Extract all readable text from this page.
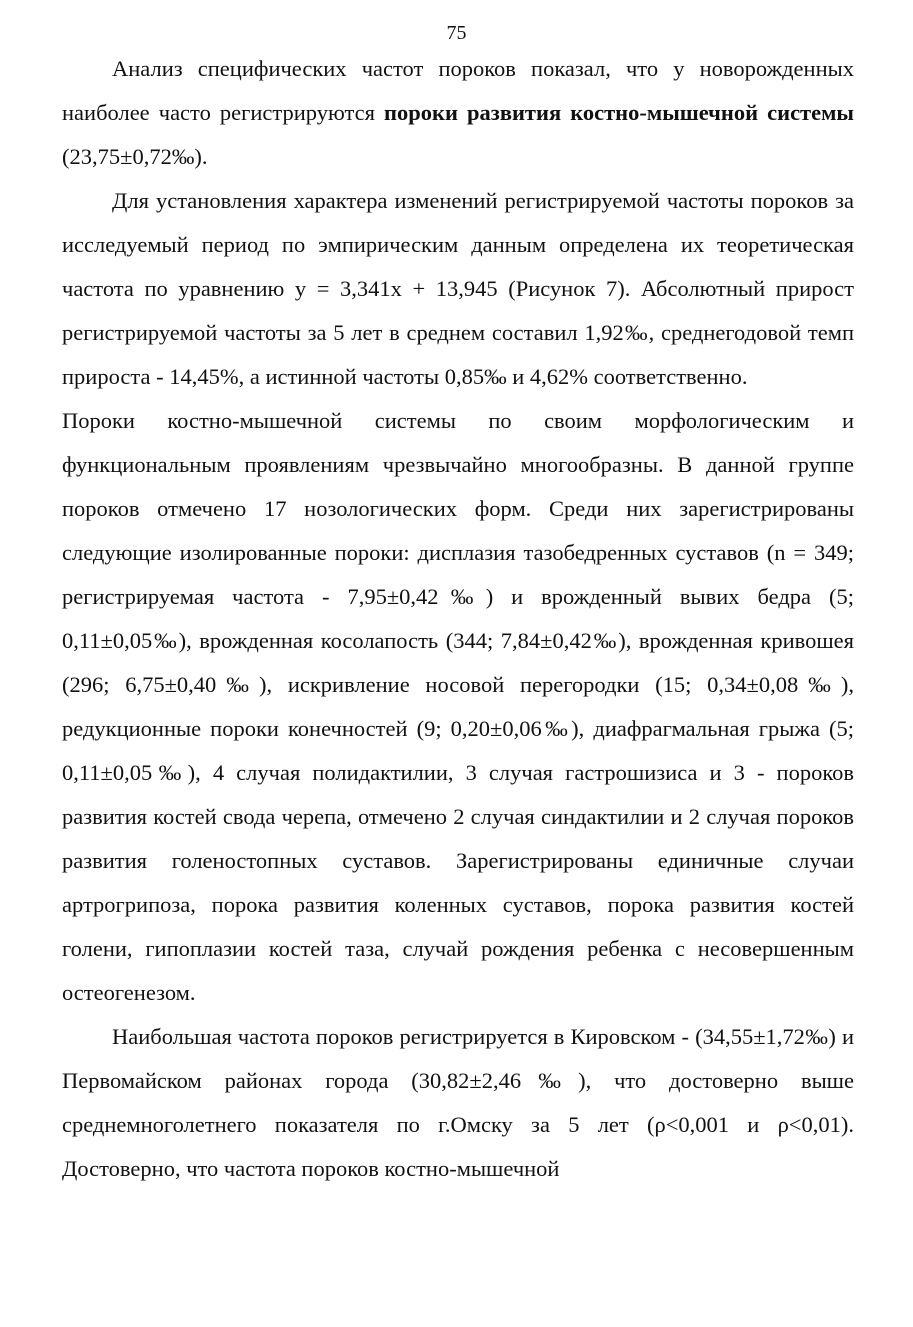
75

Анализ специфических частот пороков показал, что у новорожденных наиболее часто регистрируются пороки развития костно-мышечной системы (23,75±0,72‰).

Для установления характера изменений регистрируемой частоты пороков за исследуемый период по эмпирическим данным определена их теоретическая частота по уравнению y = 3,341x + 13,945 (Рисунок 7). Абсолютный прирост регистрируемой частоты за 5 лет в среднем составил 1,92‰, среднегодовой темп прироста - 14,45%, а истинной частоты 0,85‰ и 4,62% соответственно.

Пороки костно-мышечной системы по своим морфологическим и функциональным проявлениям чрезвычайно многообразны. В данной группе пороков отмечено 17 нозологических форм. Среди них зарегистрированы следующие изолированные пороки: дисплазия тазобедренных суставов (n = 349; регистрируемая частота - 7,95±0,42‰) и врожденный вывих бедра (5; 0,11±0,05‰), врожденная косолапость (344; 7,84±0,42‰), врожденная кривошея (296; 6,75±0,40‰), искривление носовой перегородки (15; 0,34±0,08‰), редукционные пороки конечностей (9; 0,20±0,06‰), диафрагмальная грыжа (5; 0,11±0,05‰), 4 случая полидактилии, 3 случая гастрошизиса и 3 - пороков развития костей свода черепа, отмечено 2 случая синдактилии и 2 случая пороков развития голеностопных суставов. Зарегистрированы единичные случаи артрогрипоза, порока развития коленных суставов, порока развития костей голени, гипоплазии костей таза, случай рождения ребенка с несовершенным остеогенезом.

Наибольшая частота пороков регистрируется в Кировском - (34,55±1,72‰) и Первомайском районах города (30,82±2,46‰), что достоверно выше среднемноголетнего показателя по г.Омску за 5 лет (ρ<0,001 и ρ<0,01). Достоверно, что частота пороков костно-мышечной
